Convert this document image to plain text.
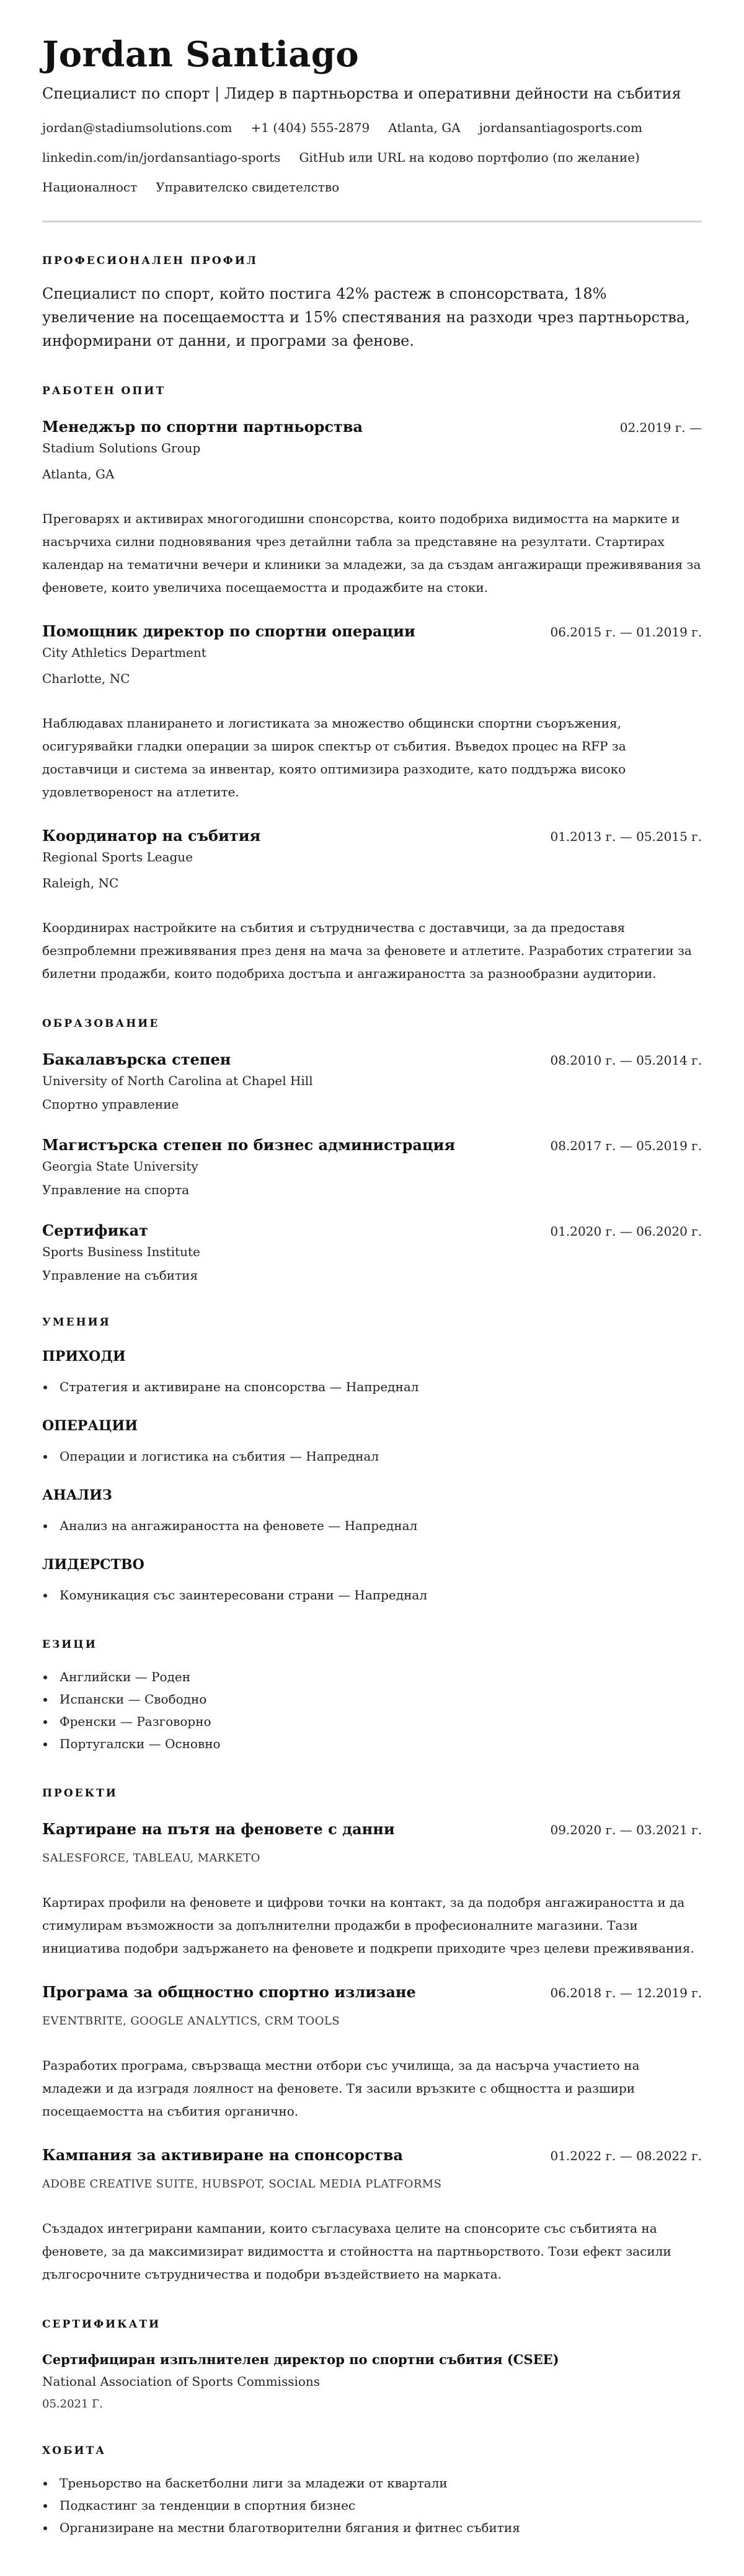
Jordan Santiago
Специалист по спорт | Лидер в партньорства и оперативни дейности на събития
jordan@stadiumsolutions.com +1 (404) 555-2879 Atlanta, GA jordansantiagosports.com
linkedin.com/in/jordansantiago-sports GitHub или URL на кодово портфолио (по желание)
Националност Управителско свидетелство
ПРОФЕСИОНАЛЕН ПРОФИЛ

Специалист по спорт, който постига 42% растеж в спонсорствата, 18% увеличение на посещаемостта и 15% спестявания на разходи чрез партньорства, информирани от данни, и програми за фенове.

РАБОТЕН ОПИТ
Менеджър по спортни партньорства	02.2019 г. —
Stadium Solutions Group
Atlanta, GA

Преговарях и активирах многогодишни спонсорства, които подобриха видимостта на марките и насърчиха силни подновявания чрез детайлни табла за представяне на резултати. Стартирах календар на тематични вечери и клиники за младежи, за да създам ангажиращи преживявания за феновете, които увеличиха посещаемостта и продажбите на стоки.

Помощник директор по спортни операции	06.2015 г. — 01.2019 г.
City Athletics Department
Charlotte, NC

Наблюдавах планирането и логистиката за множество общински спортни съоръжения, осигурявайки гладки операции за широк спектър от събития. Въведох процес на RFP за доставчици и система за инвентар, която оптимизира разходите, като поддържа високо удовлетвореност на атлетите.

Координатор на събития	01.2013 г. — 05.2015 г.
Regional Sports League
Raleigh, NC

Координирах настройките на събития и сътрудничества с доставчици, за да предоставя безпроблемни преживявания през деня на мача за феновете и атлетите. Разработих стратегии за билетни продажби, които подобриха достъпа и ангажираността за разнообразни аудитории.

ОБРАЗОВАНИЕ
Бакалавърска степен	08.2010 г. — 05.2014 г.
University of North Carolina at Chapel Hill
Спортно управление
Магистърска степен по бизнес администрация	08.2017 г. — 05.2019 г.
Georgia State University
Управление на спорта
Сертификат	01.2020 г. — 06.2020 г.
Sports Business Institute
Управление на събития
УМЕНИЯ
ПРИХОДИ
Стратегия и активиране на спонсорства — Напреднал
ОПЕРАЦИИ
Операции и логистика на събития — Напреднал
АНАЛИЗ
Анализ на ангажираността на феновете — Напреднал
ЛИДЕРСТВО
Комуникация със заинтересовани страни — Напреднал
ЕЗИЦИ
Английски — Роден
Испански — Свободно
Френски — Разговорно
Португалски — Основно
ПРОЕКТИ
Картиране на пътя на феновете с данни	09.2020 г. — 03.2021 г.
SALESFORCE, TABLEAU, MARKETO

Картирах профили на феновете и цифрови точки на контакт, за да подобря ангажираността и да стимулирам възможности за допълнителни продажби в професионалните магазини. Тази инициатива подобри задържането на феновете и подкрепи приходите чрез целеви преживявания.

Програма за общностно спортно излизане	06.2018 г. — 12.2019 г.
EVENTBRITE, GOOGLE ANALYTICS, CRM TOOLS

Разработих програма, свързваща местни отбори със училища, за да насърча участието на младежи и да изградя лоялност на феновете. Тя засили връзките с общността и разшири посещаемостта на събития органично.

Кампания за активиране на спонсорства	01.2022 г. — 08.2022 г.
ADOBE CREATIVE SUITE, HUBSPOT, SOCIAL MEDIA PLATFORMS

Създадох интегрирани кампании, които съгласуваха целите на спонсорите със събитията на феновете, за да максимизират видимостта и стойността на партньорството. Този ефект засили дългосрочните сътрудничества и подобри въздействието на марката.

СЕРТИФИКАТИ
Сертифициран изпълнителен директор по спортни събития (CSEE)
National Association of Sports Commissions
05.2021 Г.
ХОБИТА
Треньорство на баскетболни лиги за младежи от квартали
Подкастинг за тенденции в спортния бизнес
Организиране на местни благотворителни бягания и фитнес събития
